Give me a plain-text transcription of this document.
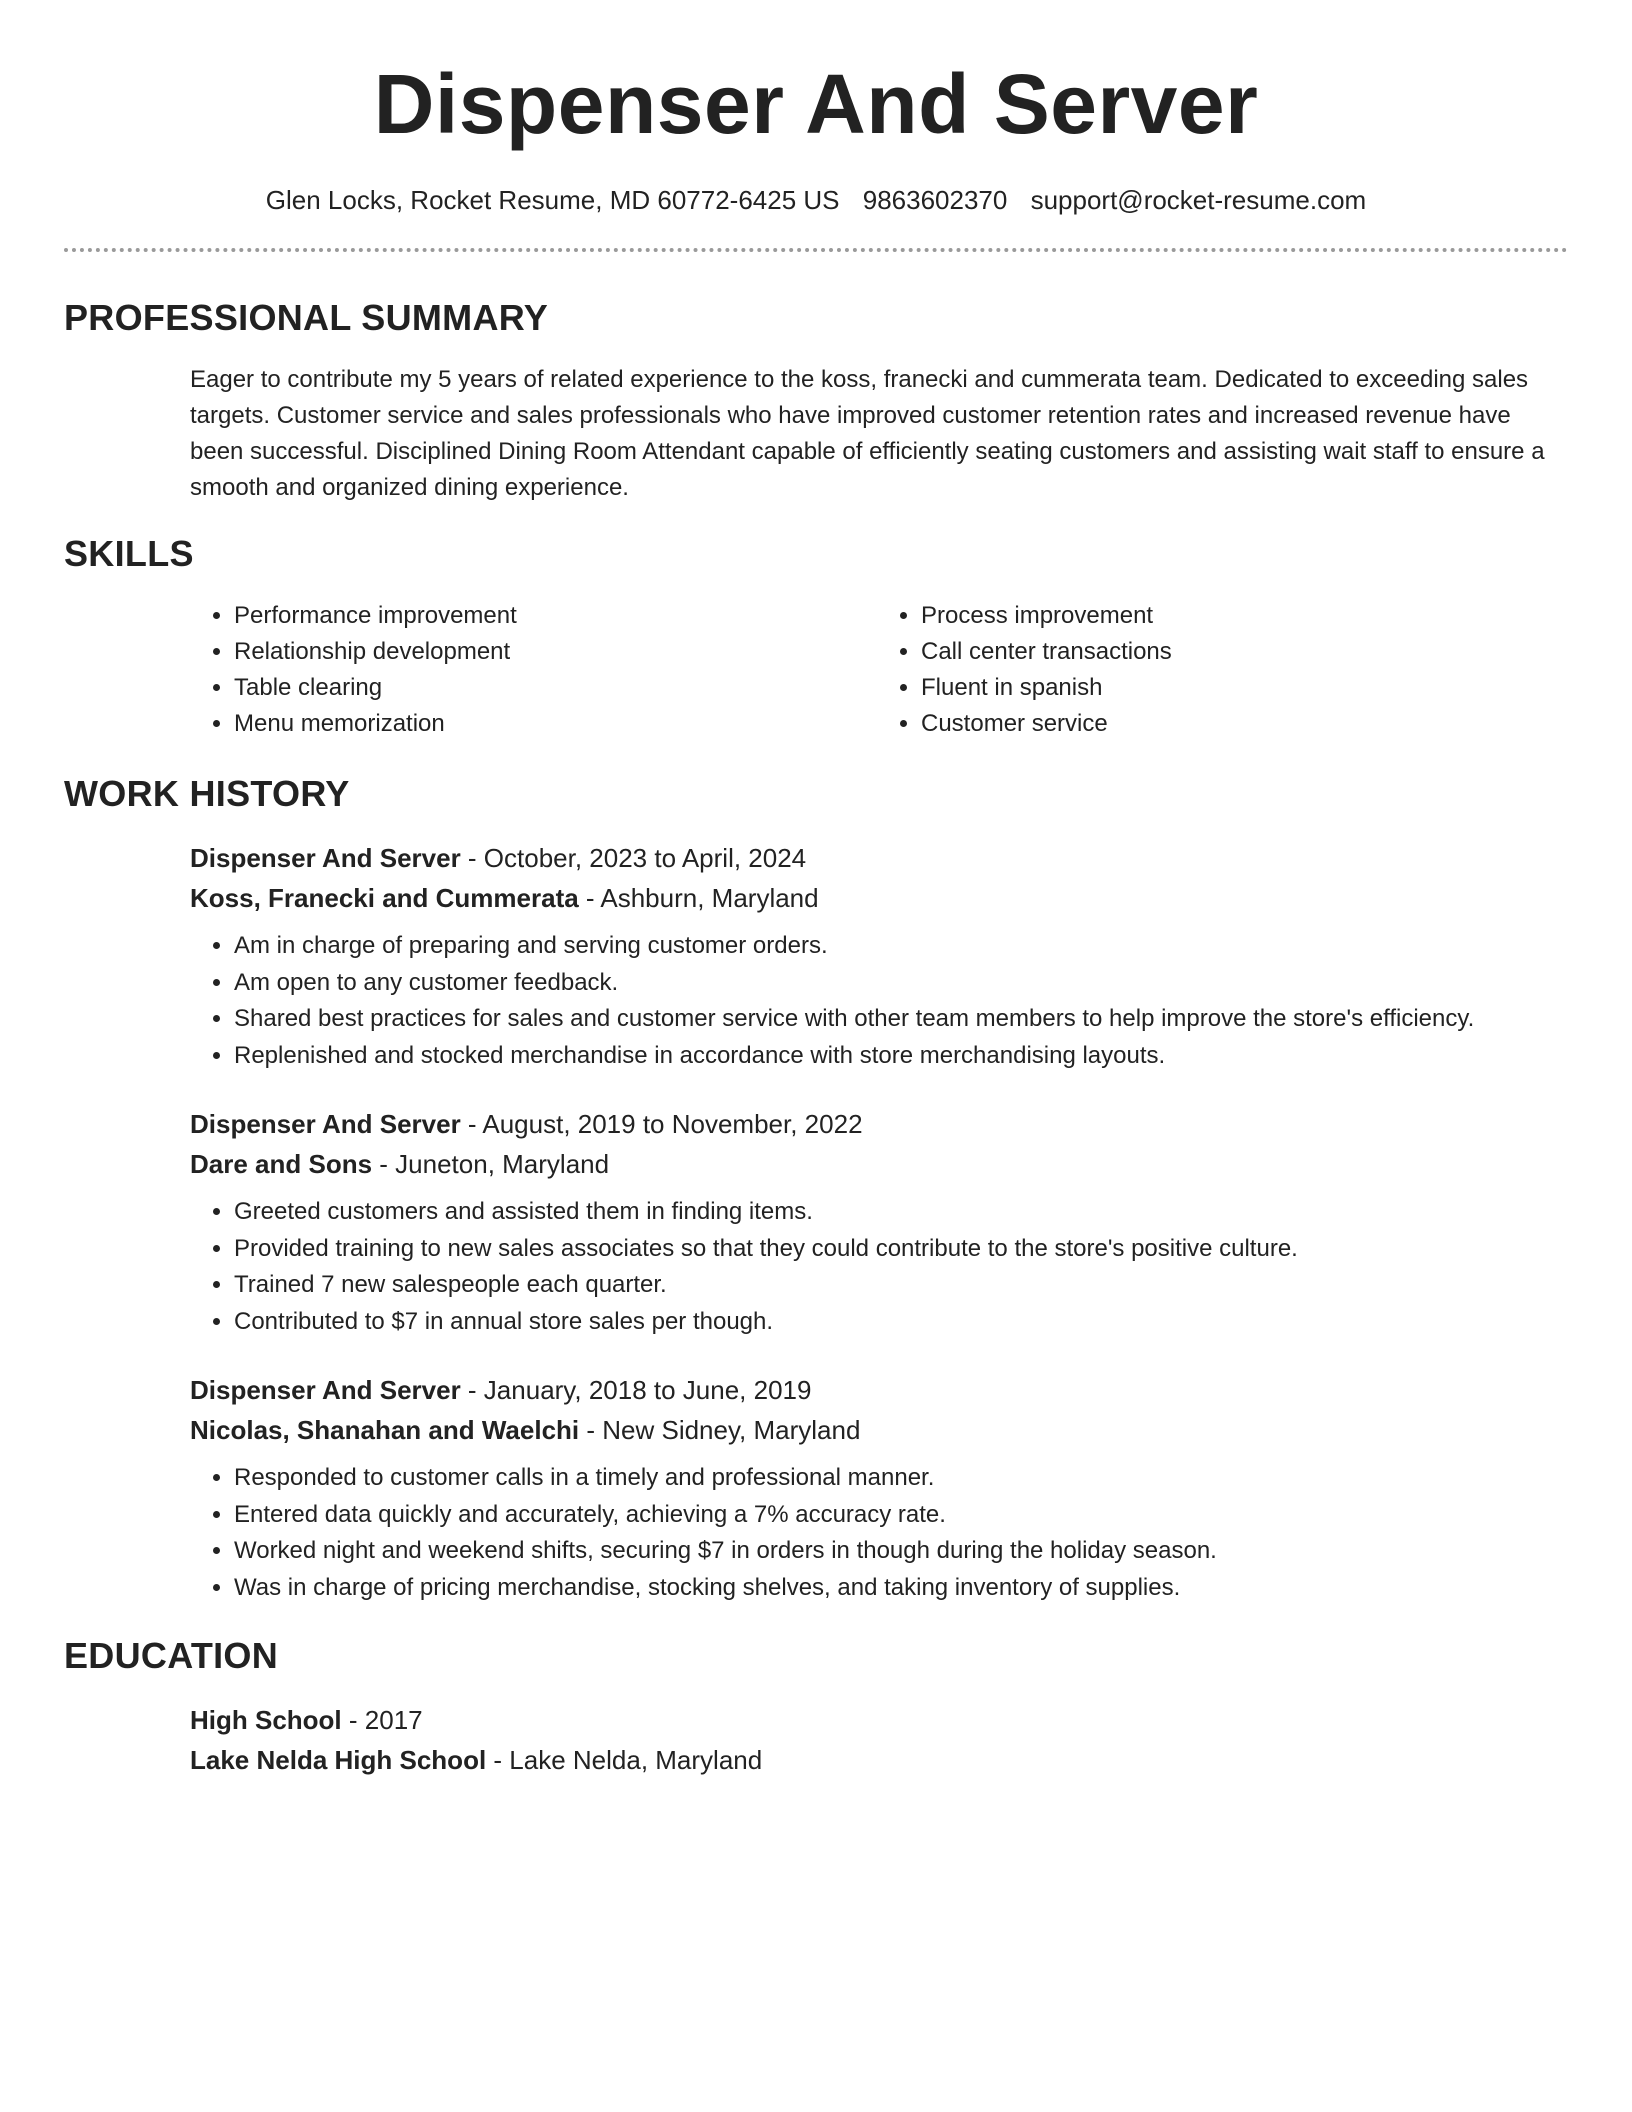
Dispenser And Server
Glen Locks, Rocket Resume, MD 60772-6425 US 9863602370 support@rocket-resume.com
PROFESSIONAL SUMMARY
Eager to contribute my 5 years of related experience to the koss, franecki and cummerata team. Dedicated to exceeding sales targets. Customer service and sales professionals who have improved customer retention rates and increased revenue have been successful. Disciplined Dining Room Attendant capable of efficiently seating customers and assisting wait staff to ensure a smooth and organized dining experience.
SKILLS
• Performance improvement
• Relationship development
• Table clearing
• Menu memorization
• Process improvement
• Call center transactions
• Fluent in spanish
• Customer service
WORK HISTORY
Dispenser And Server - October, 2023 to April, 2024
Koss, Franecki and Cummerata - Ashburn, Maryland
• Am in charge of preparing and serving customer orders.
• Am open to any customer feedback.
• Shared best practices for sales and customer service with other team members to help improve the store's efficiency.
• Replenished and stocked merchandise in accordance with store merchandising layouts.
Dispenser And Server - August, 2019 to November, 2022
Dare and Sons - Juneton, Maryland
• Greeted customers and assisted them in finding items.
• Provided training to new sales associates so that they could contribute to the store's positive culture.
• Trained 7 new salespeople each quarter.
• Contributed to $7 in annual store sales per though.
Dispenser And Server - January, 2018 to June, 2019
Nicolas, Shanahan and Waelchi - New Sidney, Maryland
• Responded to customer calls in a timely and professional manner.
• Entered data quickly and accurately, achieving a 7% accuracy rate.
• Worked night and weekend shifts, securing $7 in orders in though during the holiday season.
• Was in charge of pricing merchandise, stocking shelves, and taking inventory of supplies.
EDUCATION
High School - 2017
Lake Nelda High School - Lake Nelda, Maryland
